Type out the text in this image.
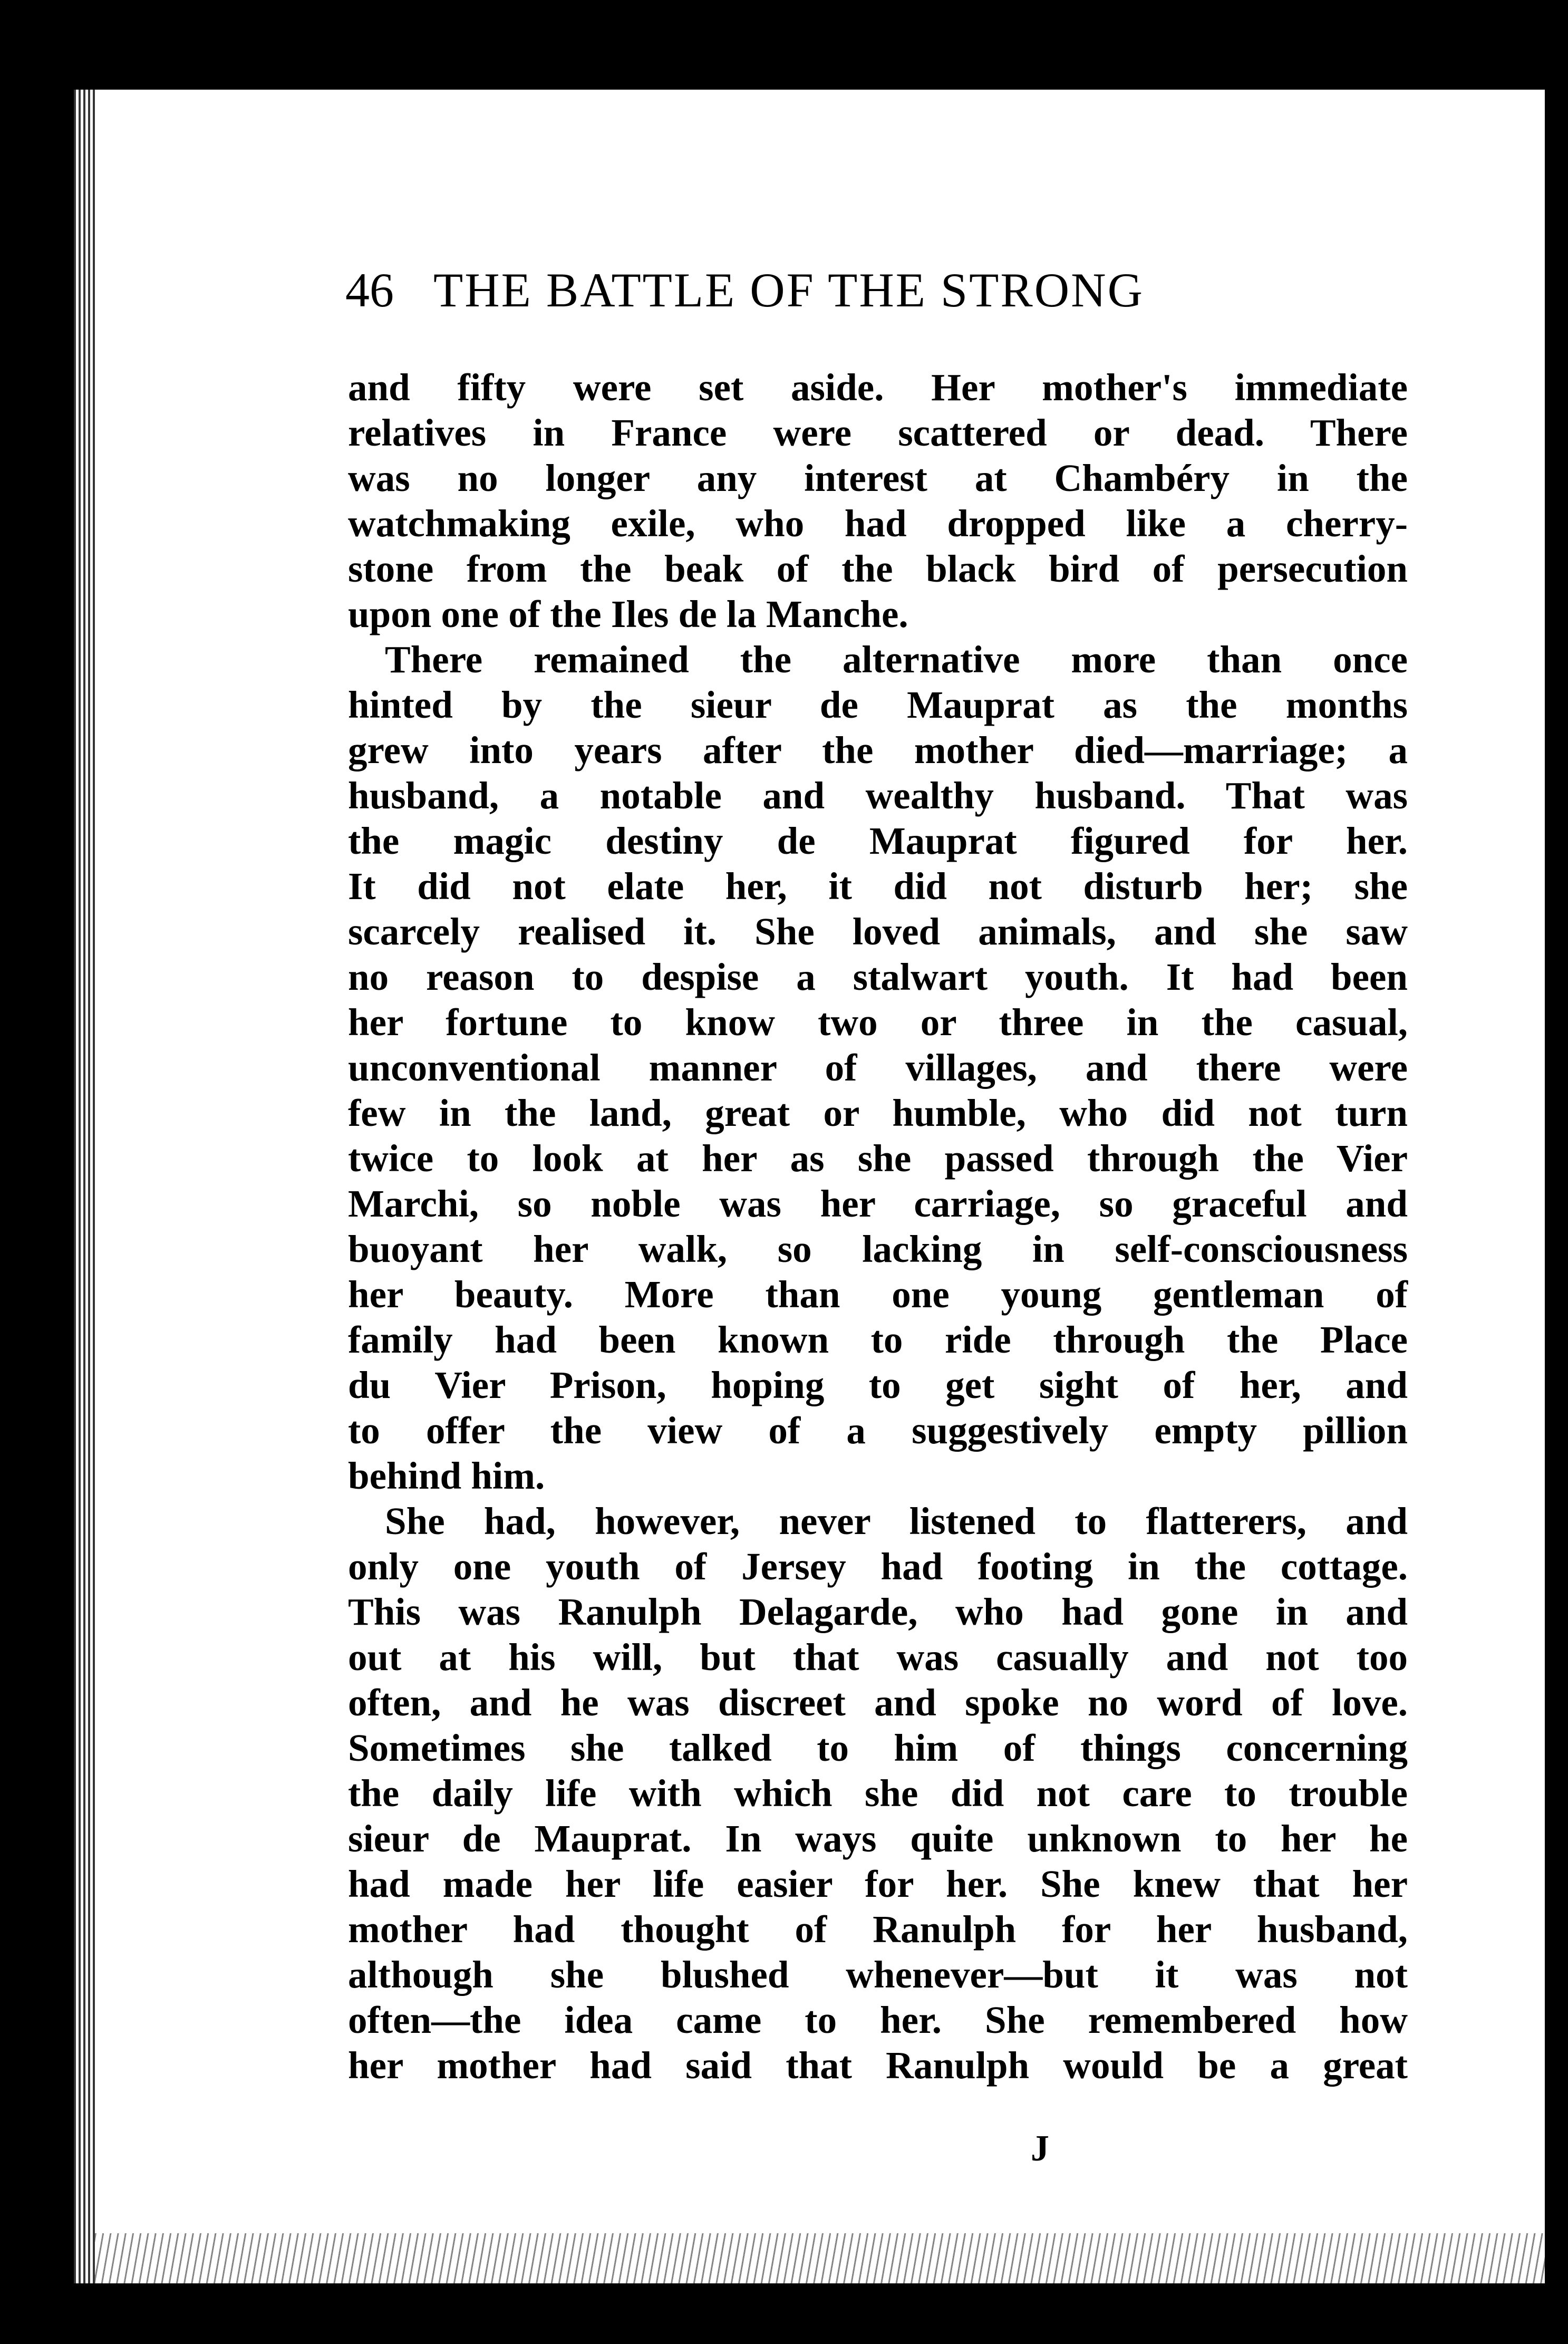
46 THE BATTLE OF THE STRONG
and fifty were set aside. Her mother's immediate
relatives in France were scattered or dead. There
was no longer any interest at Chambéry in the
watchmaking exile, who had dropped like a cherry-
stone from the beak of the black bird of persecution
upon one of the Iles de la Manche.
There remained the alternative more than once
hinted by the sieur de Mauprat as the months
grew into years after the mother died—marriage; a
husband, a notable and wealthy husband. That was
the magic destiny de Mauprat figured for her.
It did not elate her, it did not disturb her; she
scarcely realised it. She loved animals, and she saw
no reason to despise a stalwart youth. It had been
her fortune to know two or three in the casual,
unconventional manner of villages, and there were
few in the land, great or humble, who did not turn
twice to look at her as she passed through the Vier
Marchi, so noble was her carriage, so graceful and
buoyant her walk, so lacking in self-consciousness
her beauty. More than one young gentleman of
family had been known to ride through the Place
du Vier Prison, hoping to get sight of her, and
to offer the view of a suggestively empty pillion
behind him.
She had, however, never listened to flatterers, and
only one youth of Jersey had footing in the cottage.
This was Ranulph Delagarde, who had gone in and
out at his will, but that was casually and not too
often, and he was discreet and spoke no word of love.
Sometimes she talked to him of things concerning
the daily life with which she did not care to trouble
sieur de Mauprat. In ways quite unknown to her he
had made her life easier for her. She knew that her
mother had thought of Ranulph for her husband,
although she blushed whenever—but it was not
often—the idea came to her. She remembered how
her mother had said that Ranulph would be a great
J
